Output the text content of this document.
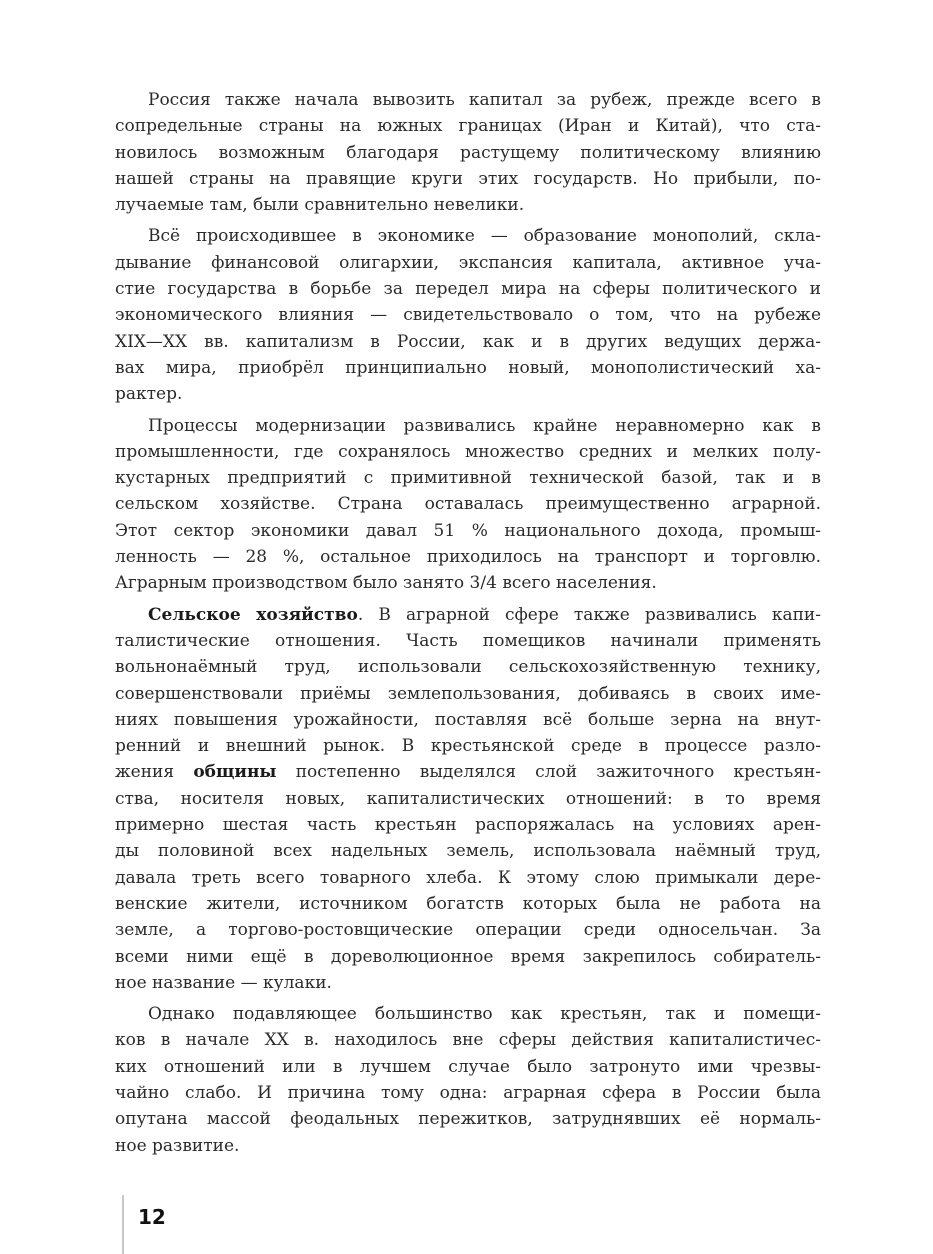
Россия также начала вывозить капитал за рубеж, прежде всего в
сопредельные страны на южных границах (Иран и Китай), что ста-
новилось возможным благодаря растущему политическому влиянию
нашей страны на правящие круги этих государств. Но прибыли, по-
лучаемые там, были сравнительно невелики.
Всё происходившее в экономике — образование монополий, скла-
дывание финансовой олигархии, экспансия капитала, активное уча-
стие государства в борьбе за передел мира на сферы политического и
экономического влияния — свидетельствовало о том, что на рубеже
XIX—XX вв. капитализм в России, как и в других ведущих держа-
вах мира, приобрёл принципиально новый, монополистический ха-
рактер.
Процессы модернизации развивались крайне неравномерно как в
промышленности, где сохранялось множество средних и мелких полу-
кустарных предприятий с примитивной технической базой, так и в
сельском хозяйстве. Страна оставалась преимущественно аграрной.
Этот сектор экономики давал 51 % национального дохода, промыш-
ленность — 28 %, остальное приходилось на транспорт и торговлю.
Аграрным производством было занято 3/4 всего населения.
Сельское хозяйство. В аграрной сфере также развивались капи-
талистические отношения. Часть помещиков начинали применять
вольнонаёмный труд, использовали сельскохозяйственную технику,
совершенствовали приёмы землепользования, добиваясь в своих име-
ниях повышения урожайности, поставляя всё больше зерна на внут-
ренний и внешний рынок. В крестьянской среде в процессе разло-
жения общины постепенно выделялся слой зажиточного крестьян-
ства, носителя новых, капиталистических отношений: в то время
примерно шестая часть крестьян распоряжалась на условиях арен-
ды половиной всех надельных земель, использовала наёмный труд,
давала треть всего товарного хлеба. К этому слою примыкали дере-
венские жители, источником богатств которых была не работа на
земле, а торгово-ростовщические операции среди односельчан. За
всеми ними ещё в дореволюционное время закрепилось собиратель-
ное название — кулаки.
Однако подавляющее большинство как крестьян, так и помещи-
ков в начале XX в. находилось вне сферы действия капиталистичес-
ких отношений или в лучшем случае было затронуто ими чрезвы-
чайно слабо. И причина тому одна: аграрная сфера в России была
опутана массой феодальных пережитков, затруднявших её нормаль-
ное развитие.
12
